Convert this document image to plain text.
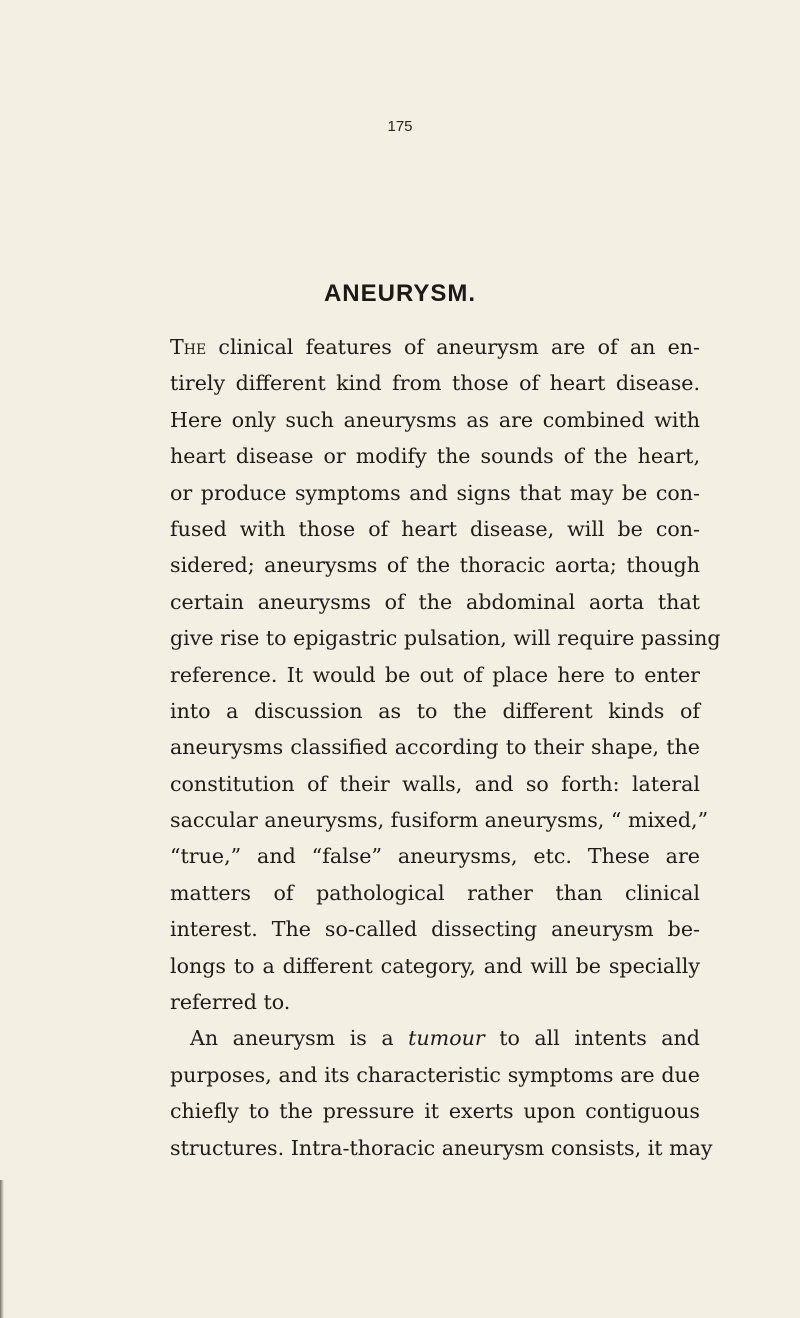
175
ANEURYSM.
The clinical features of aneurysm are of an en-
tirely different kind from those of heart disease.
Here only such aneurysms as are combined with
heart disease or modify the sounds of the heart,
or produce symptoms and signs that may be con-
fused with those of heart disease, will be con-
sidered; aneurysms of the thoracic aorta; though
certain aneurysms of the abdominal aorta that
give rise to epigastric pulsation, will require passing
reference. It would be out of place here to enter
into a discussion as to the different kinds of
aneurysms classified according to their shape, the
constitution of their walls, and so forth: lateral
saccular aneurysms, fusiform aneurysms, “ mixed,”
“true,” and “false” aneurysms, etc. These are
matters of pathological rather than clinical
interest. The so-called dissecting aneurysm be-
longs to a different category, and will be specially
referred to.
An aneurysm is a tumour to all intents and
purposes, and its characteristic symptoms are due
chiefly to the pressure it exerts upon contiguous
structures. Intra-thoracic aneurysm consists, it may
